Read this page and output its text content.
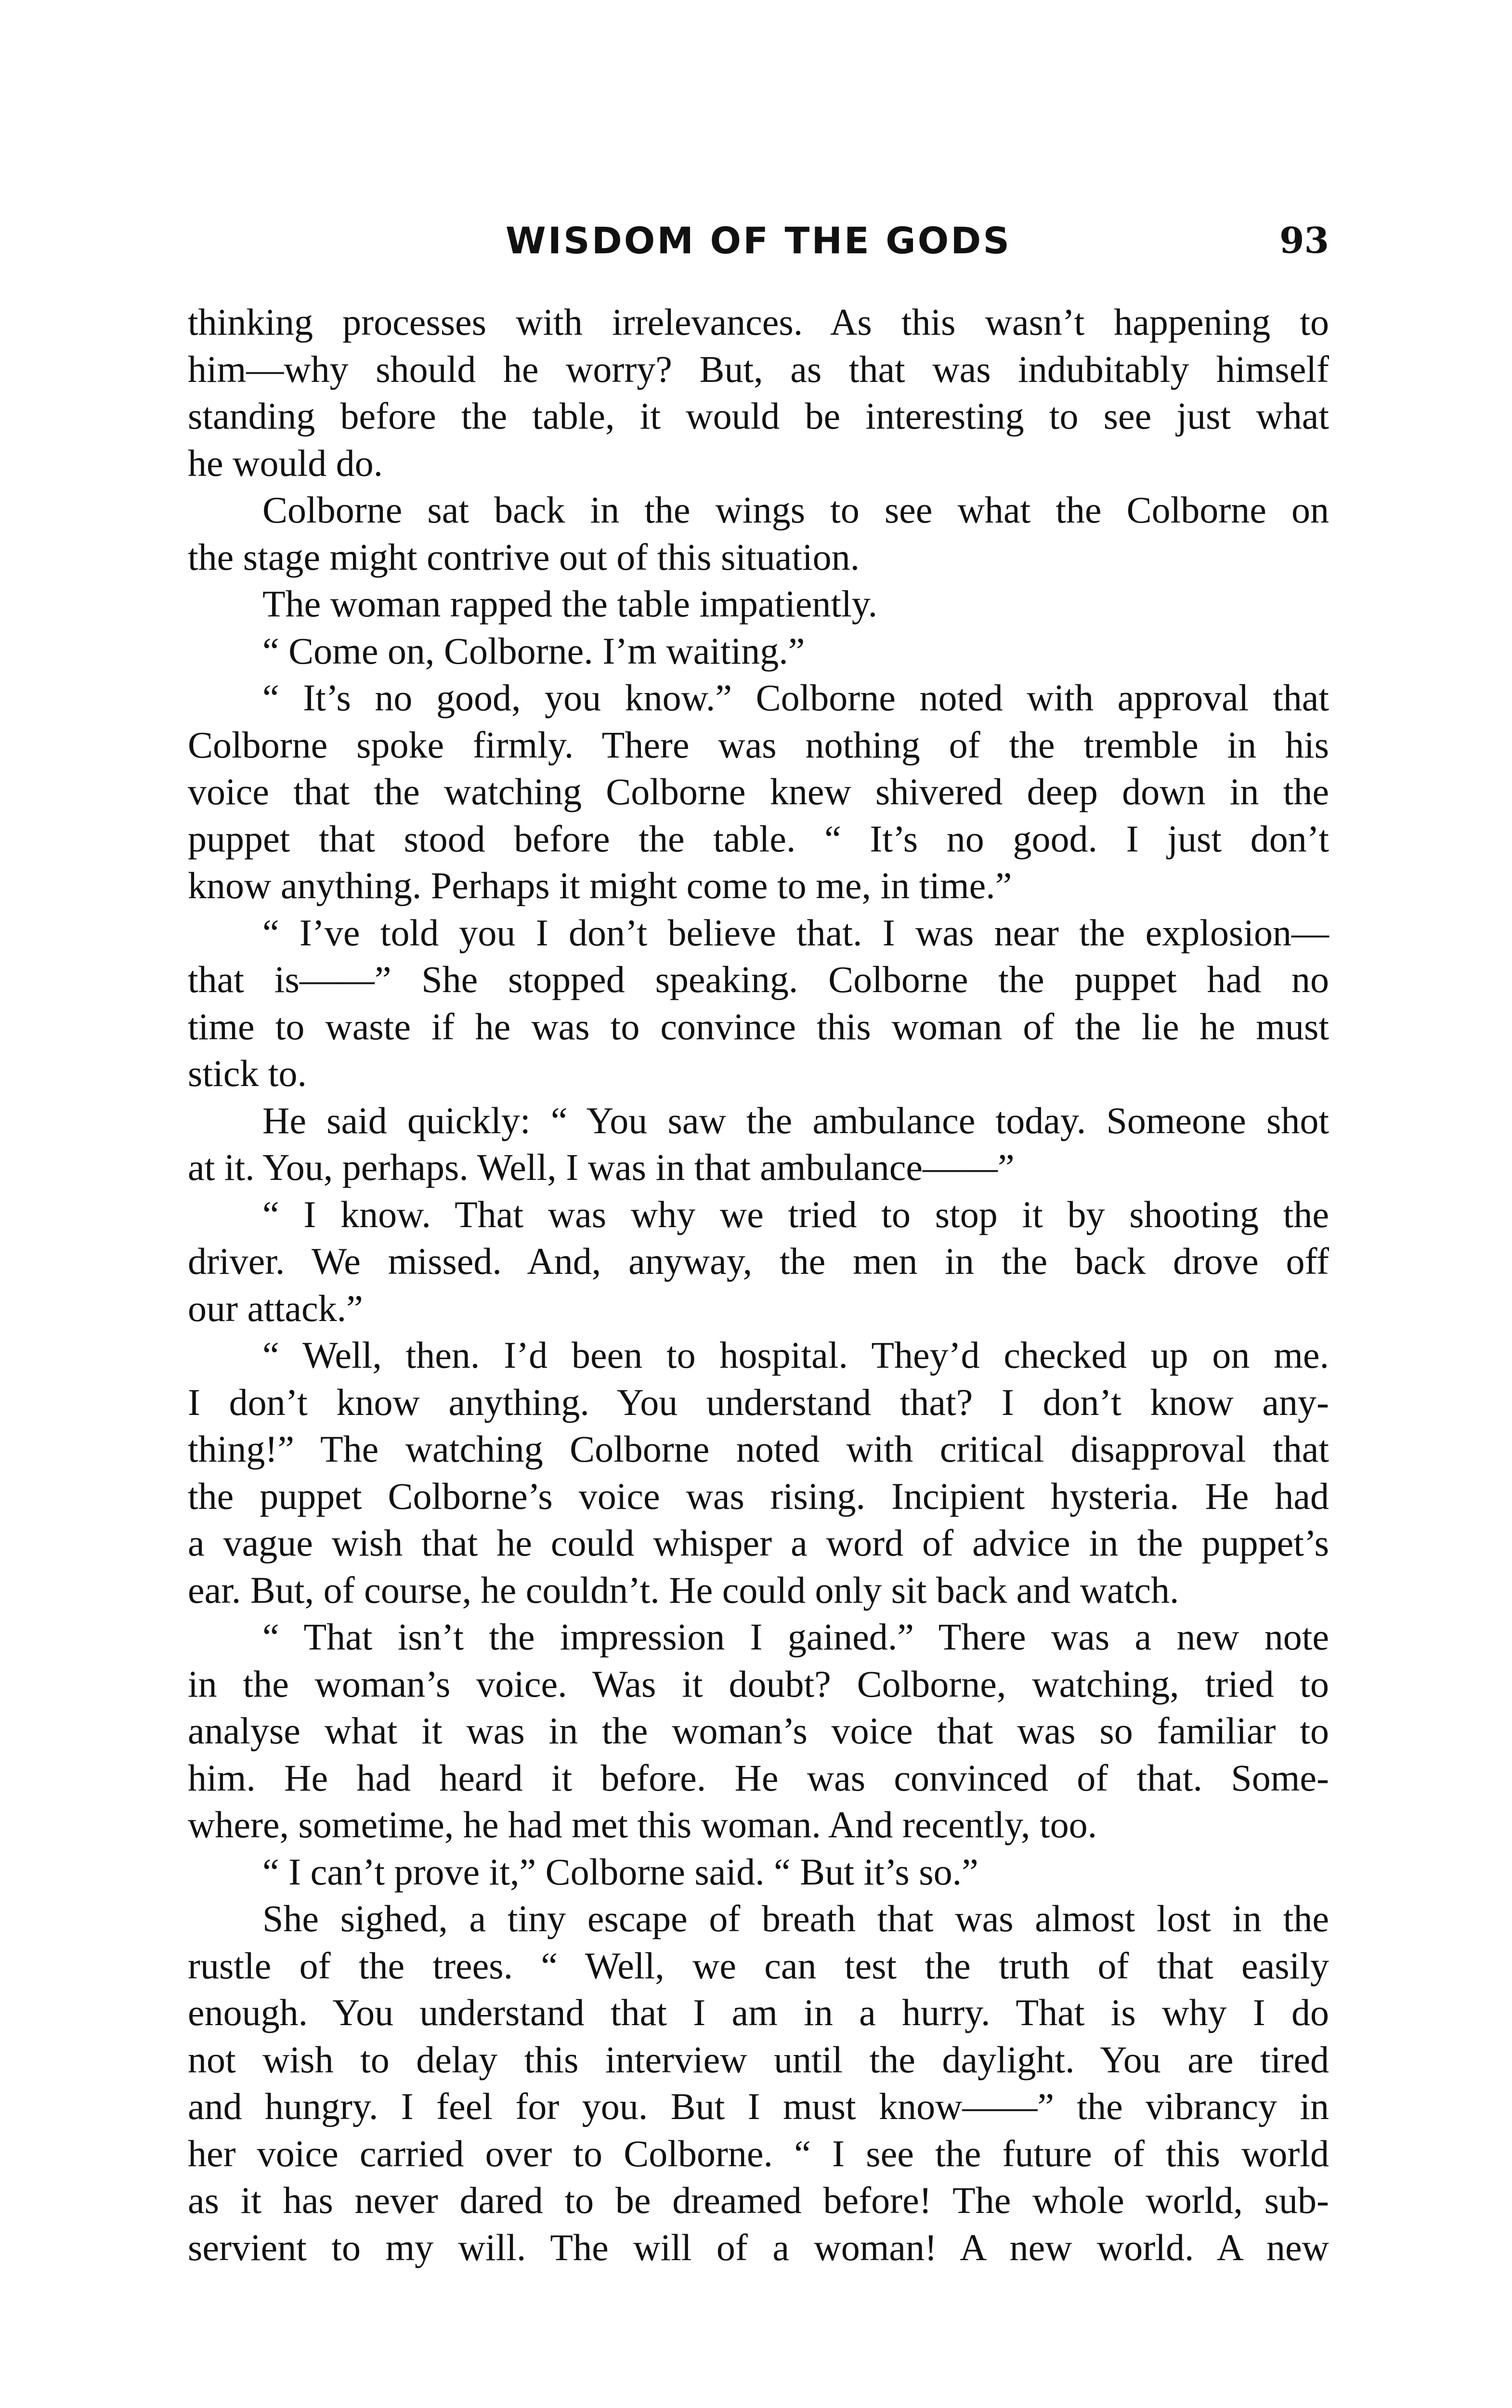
WISDOM OF THE GODS	93
thinking processes with irrelevances. As this wasn’t happening to
him—why should he worry? But, as that was indubitably himself
standing before the table, it would be interesting to see just what
he would do.
Colborne sat back in the wings to see what the Colborne on
the stage might contrive out of this situation.
The woman rapped the table impatiently.
“ Come on, Colborne. I’m waiting.”
“ It’s no good, you know.” Colborne noted with approval that
Colborne spoke firmly. There was nothing of the tremble in his
voice that the watching Colborne knew shivered deep down in the
puppet that stood before the table. “ It’s no good. I just don’t
know anything. Perhaps it might come to me, in time.”
“ I’ve told you I don’t believe that. I was near the explosion—
that is——” She stopped speaking. Colborne the puppet had no
time to waste if he was to convince this woman of the lie he must
stick to.
He said quickly: “ You saw the ambulance today. Someone shot
at it. You, perhaps. Well, I was in that ambulance——”
“ I know. That was why we tried to stop it by shooting the
driver. We missed. And, anyway, the men in the back drove off
our attack.”
“ Well, then. I’d been to hospital. They’d checked up on me.
I don’t know anything. You understand that? I don’t know any-
thing!” The watching Colborne noted with critical disapproval that
the puppet Colborne’s voice was rising. Incipient hysteria. He had
a vague wish that he could whisper a word of advice in the puppet’s
ear. But, of course, he couldn’t. He could only sit back and watch.
“ That isn’t the impression I gained.” There was a new note
in the woman’s voice. Was it doubt? Colborne, watching, tried to
analyse what it was in the woman’s voice that was so familiar to
him. He had heard it before. He was convinced of that. Some-
where, sometime, he had met this woman. And recently, too.
“ I can’t prove it,” Colborne said. “ But it’s so.”
She sighed, a tiny escape of breath that was almost lost in the
rustle of the trees. “ Well, we can test the truth of that easily
enough. You understand that I am in a hurry. That is why I do
not wish to delay this interview until the daylight. You are tired
and hungry. I feel for you. But I must know——” the vibrancy in
her voice carried over to Colborne. “ I see the future of this world
as it has never dared to be dreamed before! The whole world, sub-
servient to my will. The will of a woman! A new world. A new
